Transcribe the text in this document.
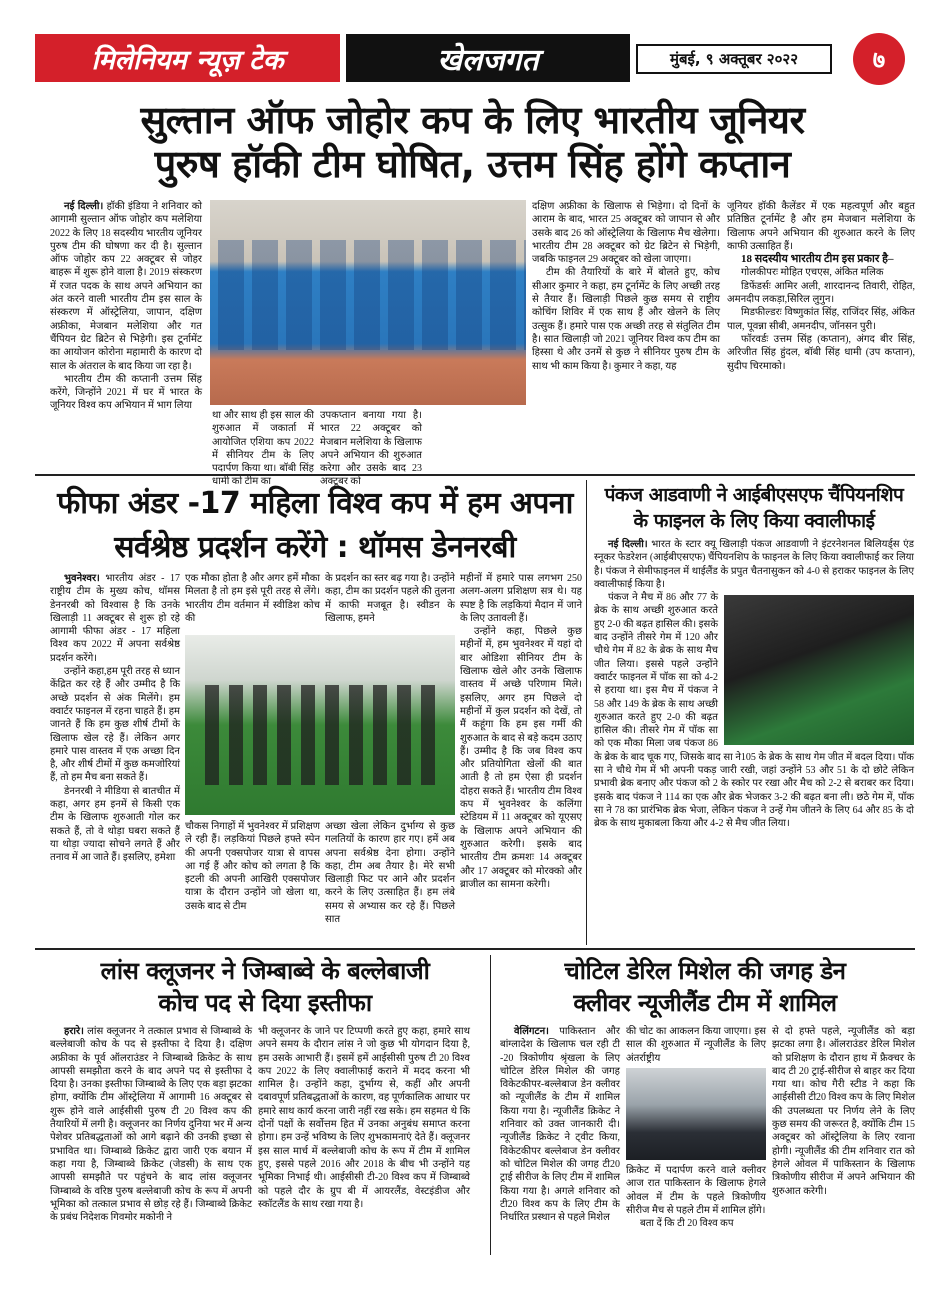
मिलेनियम न्यूज़ टेक	खेलजगत	मुंबई, ९ अक्तूबर २०२२	७
सुल्तान ऑफ जोहोर कप के लिए भारतीय जूनियर
पुरुष हॉकी टीम घोषित, उत्तम सिंह होंगे कप्तान

नई दिल्ली। हॉकी इंडिया ने शनिवार को आगामी सुल्तान ऑफ जोहोर कप मलेशिया 2022 के लिए 18 सदस्यीय भारतीय जूनियर पुरुष टीम की घोषणा कर दी है। सुल्तान ऑफ जोहोर कप 22 अक्टूबर से जोहर बाहरू में शुरू होने वाला है। 2019 संस्करण में रजत पदक के साथ अपने अभियान का अंत करने वाली भारतीय टीम इस साल के संस्करण में ऑस्ट्रेलिया, जापान, दक्षिण अफ्रीका, मेजबान मलेशिया और गत चैंपियन ग्रेट ब्रिटेन से भिड़ेगी। इस टूर्नामेंट का आयोजन कोरोना महामारी के कारण दो साल के अंतराल के बाद किया जा रहा है।

भारतीय टीम की कप्तानी उत्तम सिंह करेंगे, जिन्होंने 2021 में घर में भारत के जूनियर विश्व कप अभियान में भाग लिया

था और साथ ही इस साल की शुरुआत में जकार्ता में आयोजित एशिया कप 2022 में सीनियर टीम के लिए पदार्पण किया था। बॉबी सिंह धामी को टीम का

उपकप्तान बनाया गया है। भारत 22 अक्टूबर को मेजबान मलेशिया के खिलाफ अपने अभियान की शुरुआत करेगा और उसके बाद 23 अक्टूबर को

दक्षिण अफ्रीका के खिलाफ से भिड़ेगा। दो दिनों के आराम के बाद, भारत 25 अक्टूबर को जापान से और उसके बाद 26 को ऑस्ट्रेलिया के खिलाफ मैच खेलेगा। भारतीय टीम 28 अक्टूबर को ग्रेट ब्रिटेन से भिड़ेगी, जबकि फाइनल 29 अक्टूबर को खेला जाएगा।

टीम की तैयारियों के बारे में बोलते हुए, कोच सीआर कुमार ने कहा, हम टूर्नामेंट के लिए अच्छी तरह से तैयार हैं। खिलाड़ी पिछले कुछ समय से राष्ट्रीय कोचिंग शिविर में एक साथ हैं और खेलने के लिए उत्सुक हैं। हमारे पास एक अच्छी तरह से संतुलित टीम है। सात खिलाड़ी जो 2021 जूनियर विश्व कप टीम का हिस्सा थे और उनमें से कुछ ने सीनियर पुरुष टीम के साथ भी काम किया है। कुमार ने कहा, यह

जूनियर हॉकी कैलेंडर में एक महत्वपूर्ण और बहुत प्रतिष्ठित टूर्नामेंट है और हम मेजबान मलेशिया के खिलाफ अपने अभियान की शुरुआत करने के लिए काफी उत्साहित हैं।

18 सदस्यीय भारतीय टीम इस प्रकार है–

गोलकीपरः मोहित एचएस, अंकित मलिक

डिफेंडर्सः आमिर अली, शारदानन्द तिवारी, रोहित, अमनदीप लकड़ा,सिरिल लुगुन।

मिडफील्डरः विष्णुकांत सिंह, राजिंदर सिंह, अंकित पाल, पूवन्ना सीबी, अमनदीप, जॉनसन पुरी।

फॉरवर्डः उत्तम सिंह (कप्तान), अंगद बीर सिंह, अरिजीत सिंह हुंदल, बॉबी सिंह धामी (उप कप्तान), सुदीप चिरमाको।

फीफा अंडर -17 महिला विश्व कप में हम अपना
सर्वश्रेष्ठ प्रदर्शन करेंगे : थॉमस डेननरबी

भुवनेश्वर। भारतीय अंडर - 17 राष्ट्रीय टीम के मुख्य कोच, थॉमस डेननरबी को विश्वास है कि उनके खिलाड़ी 11 अक्टूबर से शुरू हो रहे आगामी फीफा अंडर - 17 महिला विश्व कप 2022 में अपना सर्वश्रेष्ठ प्रदर्शन करेंगे।

उन्होंने कहा,हम पूरी तरह से ध्यान केंद्रित कर रहे हैं और उम्मीद है कि अच्छे प्रदर्शन से अंक मिलेंगे। हम क्वार्टर फाइनल में रहना चाहते हैं। हम जानते हैं कि हम कुछ शीर्ष टीमों के खिलाफ खेल रहे हैं। लेकिन अगर हमारे पास वास्तव में एक अच्छा दिन है, और शीर्ष टीमों में कुछ कमजोरियां हैं, तो हम मैच बना सकते हैं।

डेननरबी ने मीडिया से बातचीत में कहा, अगर हम इनमें से किसी एक टीम के खिलाफ शुरुआती गोल कर सकते हैं, तो वे थोड़ा घबरा सकते हैं या थोड़ा ज्यादा सोचने लगते हैं और तनाव में आ जाते हैं। इसलिए, हमेशा

एक मौका होता है और अगर हमें मौका मिलता है तो हम इसे पूरी तरह से लेंगे। भारतीय टीम वर्तमान में स्वीडिश कोच की

के प्रदर्शन का स्तर बढ़ गया है। उन्होंने कहा, टीम का प्रदर्शन पहले की तुलना में काफी मजबूत है। स्वीडन के खिलाफ, हमने

चौकस निगाहों में भुवनेश्वर में प्रशिक्षण ले रही हैं। लड़कियां पिछले हफ्ते स्पेन की अपनी एक्सपोजर यात्रा से वापस आ गई हैं और कोच को लगता है कि इटली की अपनी आखिरी एक्सपोजर यात्रा के दौरान उन्होंने जो खेला था, उसके बाद से टीम

अच्छा खेला लेकिन दुर्भाग्य से कुछ गलतियों के कारण हार गए। हमें अब अपना सर्वश्रेष्ठ देना होगा। उन्होंने कहा, टीम अब तैयार है। मेरे सभी खिलाड़ी फिट पर आने और प्रदर्शन करने के लिए उत्साहित हैं। हम लंबे समय से अभ्यास कर रहे हैं। पिछले सात

महीनों में हमारे पास लगभग 250 अलग-अलग प्रशिक्षण सत्र थे। यह स्पष्ट है कि लड़कियां मैदान में जाने के लिए उतावली हैं।

उन्होंने कहा, पिछले कुछ महीनों में, हम भुवनेश्वर में यहां दो बार ओडिशा सीनियर टीम के खिलाफ खेले और उनके खिलाफ वास्तव में अच्छे परिणाम मिले। इसलिए, अगर हम पिछले दो महीनों में कुल प्रदर्शन को देखें, तो मैं कहूंगा कि हम इस गर्मी की शुरुआत के बाद से बड़े कदम उठाए हैं। उम्मीद है कि जब विश्व कप और प्रतियोगिता खेलों की बात आती है तो हम ऐसा ही प्रदर्शन दोहरा सकते हैं। भारतीय टीम विश्व कप में भुवनेश्वर के कलिंगा स्टेडियम में 11 अक्टूबर को यूएसए के खिलाफ अपने अभियान की शुरुआत करेगी। इसके बाद भारतीय टीम क्रमशः 14 अक्टूबर और 17 अक्टूबर को मोरक्को और ब्राजील का सामना करेगी।

पंकज आडवाणी ने आईबीएसएफ चैंपियनशिप
के फाइनल के लिए किया क्वालीफाई

नई दिल्ली। भारत के स्टार क्यू खिलाड़ी पंकज आडवाणी ने इंटरनेशनल बिलियर्ड्स एंड स्नूकर फेडरेशन (आईबीएसएफ) चैंपियनशिप के फाइनल के लिए किया क्वालीफाई कर लिया है। पंकज ने सेमीफाइनल में थाईलैंड के प्रपुत चैतनासुकन को 4-0 से हराकर फाइनल के लिए क्वालीफाई किया है।

पंकज ने मैच में 86 और 77 के ब्रेक के साथ अच्छी शुरुआत करते हुए 2-0 की बढ़त हासिल की। इसके बाद उन्होंने तीसरे गेम में 120 और चौथे गेम में 82 के ब्रेक के साथ मैच जीत लिया। इससे पहले उन्होंने क्वार्टर फाइनल में पॉक सा को 4-2 से हराया था। इस मैच में पंकज ने 58 और 149 के ब्रेक के साथ अच्छी शुरुआत करते हुए 2-0 की बढ़त हासिल की। तीसरे गेम में पॉक सा को एक मौका मिला जब पंकज 86 के ब्रेक के बाद चूक गए, जिसके बाद सा ने105 के ब्रेक के साथ गेम जीत में बदल दिया। पॉक सा ने चौथे गेम में भी अपनी पकड़ जारी रखी, जहां उन्होंने 53 और 51 के दो छोटे लेकिन प्रभावी ब्रेक बनाए और पंकज को 2 के स्कोर पर रखा और मैच को 2-2 से बराबर कर दिया। इसके बाद पंकज ने 114 का एक और ब्रेक भेजकर 3-2 की बढ़त बना ली। छठे गेम में, पॉक सा ने 78 का प्रारंभिक ब्रेक भेजा, लेकिन पंकज ने उन्हें गेम जीतने के लिए 64 और 85 के दो ब्रेक के साथ मुकाबला किया और 4-2 से मैच जीत लिया।

लांस क्लूजनर ने जिम्बाब्वे के बल्लेबाजी
कोच पद से दिया इस्तीफा

हरारे। लांस क्लूजनर ने तत्काल प्रभाव से जिम्बाब्वे के बल्लेबाजी कोच के पद से इस्तीफा दे दिया है। दक्षिण अफ्रीका के पूर्व ऑलराउंडर ने जिम्बाब्वे क्रिकेट के साथ आपसी समझौता करने के बाद अपने पद से इस्तीफा दे दिया है। उनका इस्तीफा जिम्बाब्वे के लिए एक बड़ा झटका होगा, क्योंकि टीम ऑस्ट्रेलिया में आगामी 16 अक्टूबर से शुरू होने वाले आईसीसी पुरुष टी 20 विश्व कप की तैयारियों में लगी है। क्लूजनर का निर्णय दुनिया भर में अन्य पेशेवर प्रतिबद्धताओं को आगे बढ़ाने की उनकी इच्छा से प्रभावित था। जिम्बाब्वे क्रिकेट द्वारा जारी एक बयान में कहा गया है, जिम्बाब्वे क्रिकेट (जेडसी) के साथ एक आपसी समझौते पर पहुंचने के बाद लांस क्लूजनर जिम्बाब्वे के वरिष्ठ पुरुष बल्लेबाजी कोच के रूप में अपनी भूमिका को तत्काल प्रभाव से छोड़ रहे हैं। जिम्बाब्वे क्रिकेट के प्रबंध निदेशक गिवमोर मकोनी ने

भी क्लूजनर के जाने पर टिप्पणी करते हुए कहा, हमारे साथ अपने समय के दौरान लांस ने जो कुछ भी योगदान दिया है, हम उसके आभारी हैं। इसमें हमें आईसीसी पुरुष टी 20 विश्व कप 2022 के लिए क्वालीफाई कराने में मदद करना भी शामिल है। उन्होंने कहा, दुर्भाग्य से, कहीं और अपनी दबावपूर्ण प्रतिबद्धताओं के कारण, वह पूर्णकालिक आधार पर हमारे साथ कार्य करना जारी नहीं रख सके। हम सहमत थे कि दोनों पक्षों के सर्वोत्तम हित में उनका अनुबंध समाप्त करना होगा। हम उन्हें भविष्य के लिए शुभकामनाएं देते हैं। क्लूजनर इस साल मार्च में बल्लेबाजी कोच के रूप में टीम में शामिल हुए, इससे पहले 2016 और 2018 के बीच भी उन्होंने यह भूमिका निभाई थी। आईसीसी टी-20 विश्व कप में जिम्बाब्वे को पहले दौर के ग्रुप बी में आयरलैंड, वेस्टइंडीज और स्कॉटलैंड के साथ रखा गया है।

चोटिल डेरिल मिशेल की जगह डेन
क्लीवर न्यूजीलैंड टीम में शामिल

वेलिंगटन। पाकिस्तान और बांग्लादेश के खिलाफ चल रही टी -20 त्रिकोणीय श्रृंखला के लिए चोटिल डेरिल मिशेल की जगह विकेटकीपर-बल्लेबाज डेन क्लीवर को न्यूजीलैंड के टीम में शामिल किया गया है। न्यूजीलैंड क्रिकेट ने शनिवार को उक्त जानकारी दी। न्यूजीलैंड क्रिकेट ने ट्वीट किया, विकेटकीपर बल्लेबाज डेन क्लीवर को चोटिल मिशेल की जगह टी20 ट्राई सीरीज के लिए टीम में शामिल किया गया है। अगले शनिवार को टी20 विश्व कप के लिए टीम के निर्धारित प्रस्थान से पहले मिशेल

की चोट का आकलन किया जाएगा। इस साल की शुरुआत में न्यूजीलैंड के लिए अंतर्राष्ट्रीय

क्रिकेट में पदार्पण करने वाले क्लीवर आज रात पाकिस्तान के खिलाफ हेगले ओवल में टीम के पहले त्रिकोणीय सीरीज मैच से पहले टीम में शामिल होंगे।

बता दें कि टी 20 विश्व कप

से दो हफ्ते पहले, न्यूजीलैंड को बड़ा झटका लगा है। ऑलराउंडर डेरिल मिशेल को प्रशिक्षण के दौरान हाथ में फ्रैक्चर के बाद टी 20 ट्राई-सीरीज से बाहर कर दिया गया था। कोच गैरी स्टीड ने कहा कि आईसीसी टी20 विश्व कप के लिए मिशेल की उपलब्धता पर निर्णय लेने के लिए कुछ समय की जरूरत है, क्योंकि टीम 15 अक्टूबर को ऑस्ट्रेलिया के लिए रवाना होगी। न्यूजीलैंड की टीम शनिवार रात को हेगले ओवल में पाकिस्तान के खिलाफ त्रिकोणीय सीरीज में अपने अभियान की शुरुआत करेगी।
